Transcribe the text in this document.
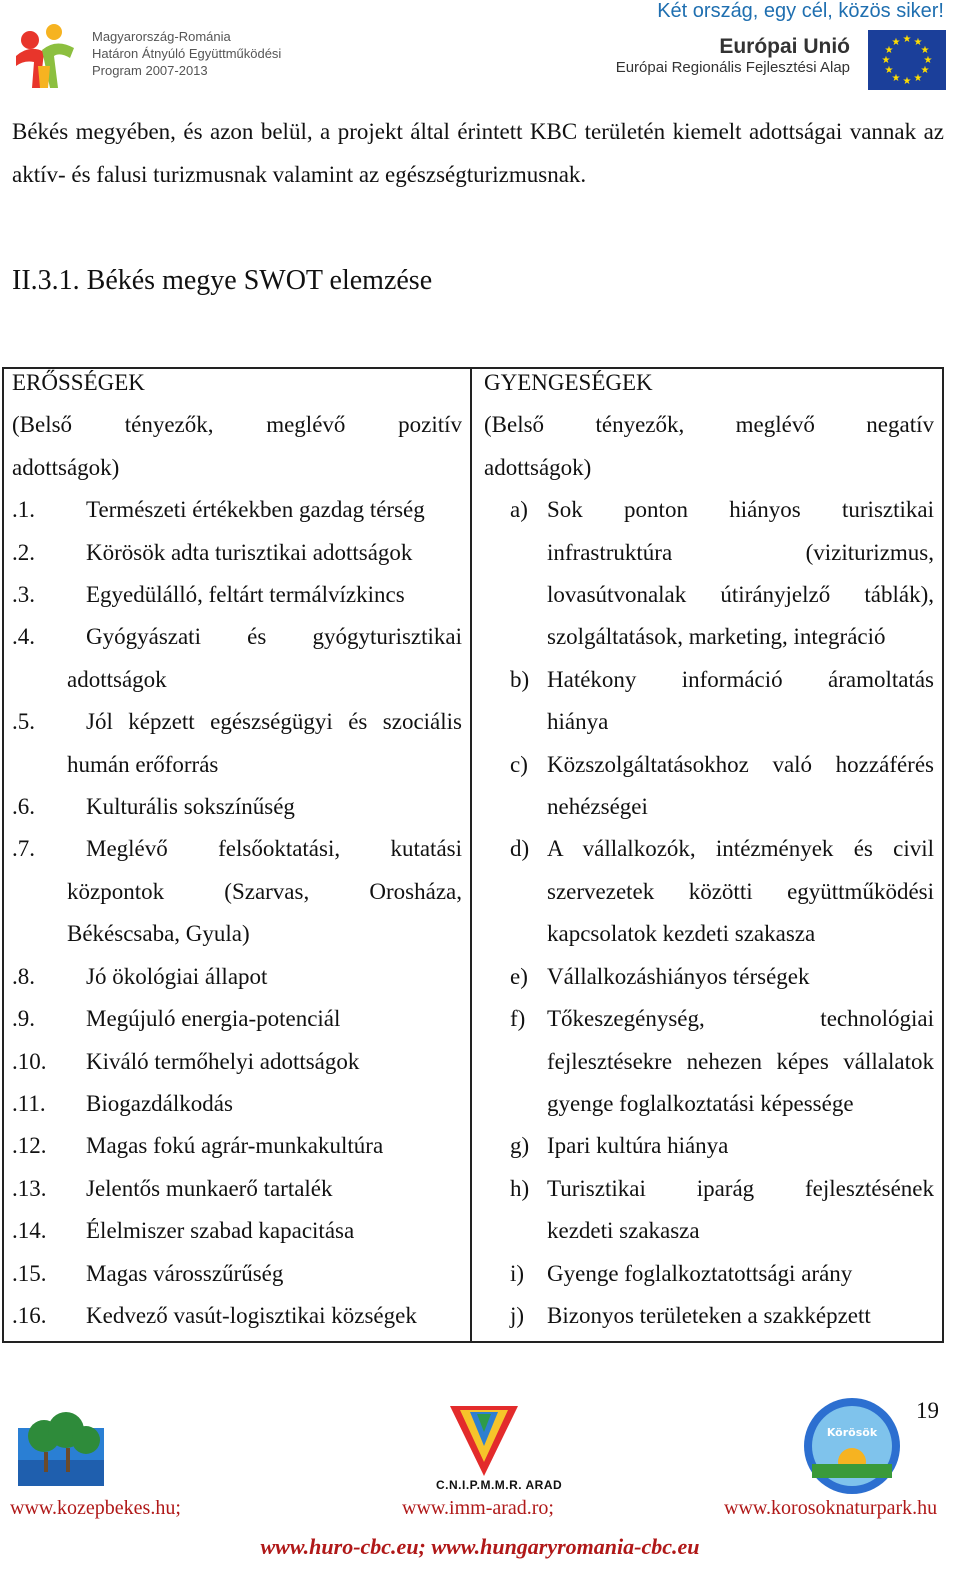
Két ország, egy cél, közös siker!
Magyarország-Románia
Határon Átnyúló Együttműködési
Program 2007-2013
Európai Unió
Európai Regionális Fejlesztési Alap
★ ★
★
★
★
★
★
★
★
★
★
★
Békés megyében, és azon belül, a projekt által érintett KBC területén kiemelt adottságai vannak az aktív- és falusi turizmusnak valamint az egészségturizmusnak.
II.3.1. Békés megye SWOT elemzése
ERŐSSÉGEK
(Belső tényezők, meglévő pozitív
adottságok)
.1.	Természeti értékekben gazdag térség
.2.	Körösök adta turisztikai adottságok
.3.	Egyedülálló, feltárt termálvízkincs
.4.	Gyógyászati és gyógyturisztikai
adottságok
.5.	Jól képzett egészségügyi és szociális
humán erőforrás
.6.	Kulturális sokszínűség
.7.	Meglévő felsőoktatási, kutatási
központok (Szarvas, Orosháza,
Békéscsaba, Gyula)
.8.	Jó ökológiai állapot
.9.	Megújuló energia-potenciál
.10.	Kiváló termőhelyi adottságok
.11.	Biogazdálkodás
.12.	Magas fokú agrár-munkakultúra
.13.	Jelentős munkaerő tartalék
.14.	Élelmiszer szabad kapacitása
.15.	Magas városszűrűség
.16.	Kedvező vasút-logisztikai községek
GYENGESÉGEK
(Belső tényezők, meglévő negatív
adottságok)
a) Sok ponton hiányos turisztikai
infrastruktúra (viziturizmus,
lovasútvonalak útirányjelző táblák),
szolgáltatások, marketing, integráció
b) Hatékony információ áramoltatás
hiánya
c) Közszolgáltatásokhoz való hozzáférés
nehézségei
d) A vállalkozók, intézmények és civil
szervezetek közötti együttműködési
kapcsolatok kezdeti szakasza
e) Vállalkozáshiányos térségek
f) Tőkeszegénység, technológiai
fejlesztésekre nehezen képes vállalatok
gyenge foglalkoztatási képessége
g) Ipari kultúra hiánya
h) Turisztikai iparág fejlesztésének
kezdeti szakasza
i) Gyenge foglalkoztatottsági arány
j) Bizonyos területeken a szakképzett
19
C.N.I.P.M.M.R. ARAD
Körösök
www.kozepbekes.hu;	www.imm-arad.ro;	www.korosoknaturpark.hu
www.huro-cbc.eu; www.hungaryromania-cbc.eu
